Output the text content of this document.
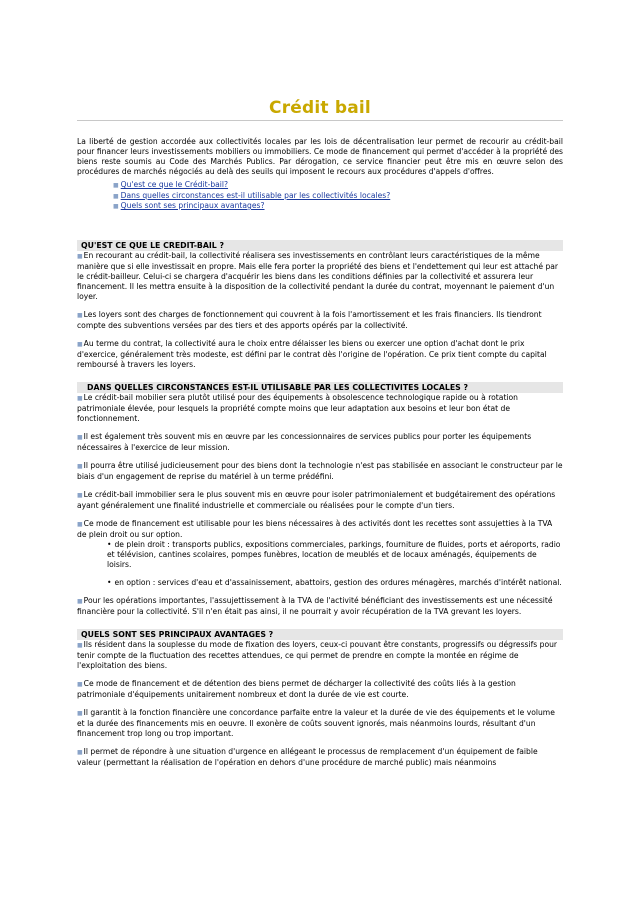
Crédit bail
La liberté de gestion accordée aux collectivités locales par les lois de décentralisation leur permet de recourir au crédit-bail pour financer leurs investissements mobiliers ou immobiliers. Ce mode de financement qui permet d'accéder à la propriété des biens reste soumis au Code des Marchés Publics. Par dérogation, ce service financier peut être mis en œuvre selon des procédures de marchés négociés au delà des seuils qui imposent le recours aux procédures d'appels d'offres.
■ Qu'est ce que le Crédit-bail?
■ Dans quelles circonstances est-il utilisable par les collectivités locales?
■ Quels sont ses principaux avantages?
QU'EST CE QUE LE CREDIT-BAIL ?
■En recourant au crédit-bail, la collectivité réalisera ses investissements en contrôlant leurs caractéristiques de la même manière que si elle investissait en propre. Mais elle fera porter la propriété des biens et l'endettement qui leur est attaché par le crédit-bailleur. Celui-ci se chargera d'acquérir les biens dans les conditions définies par la collectivité et assurera leur financement. Il les mettra ensuite à la disposition de la collectivité pendant la durée du contrat, moyennant le paiement d'un loyer.
■Les loyers sont des charges de fonctionnement qui couvrent à la fois l'amortissement et les frais financiers. Ils tiendront compte des subventions versées par des tiers et des apports opérés par la collectivité.
■Au terme du contrat, la collectivité aura le choix entre délaisser les biens ou exercer une option d'achat dont le prix d'exercice, généralement très modeste, est défini par le contrat dès l'origine de l'opération. Ce prix tient compte du capital remboursé à travers les loyers.
DANS QUELLES CIRCONSTANCES EST-IL UTILISABLE PAR LES COLLECTIVITES LOCALES ?
■Le crédit-bail mobilier sera plutôt utilisé pour des équipements à obsolescence technologique rapide ou à rotation patrimoniale élevée, pour lesquels la propriété compte moins que leur adaptation aux besoins et leur bon état de fonctionnement.
■Il est également très souvent mis en œuvre par les concessionnaires de services publics pour porter les équipements nécessaires à l'exercice de leur mission.
■Il pourra être utilisé judicieusement pour des biens dont la technologie n'est pas stabilisée en associant le constructeur par le biais d'un engagement de reprise du matériel à un terme prédéfini.
■Le crédit-bail immobilier sera le plus souvent mis en œuvre pour isoler patrimonialement et budgétairement des opérations ayant généralement une finalité industrielle et commerciale ou réalisées pour le compte d'un tiers.
■Ce mode de financement est utilisable pour les biens nécessaires à des activités dont les recettes sont assujetties à la TVA de plein droit ou sur option.
• de plein droit : transports publics, expositions commerciales, parkings, fourniture de fluides, ports et aéroports, radio et télévision, cantines scolaires, pompes funèbres, location de meublés et de locaux aménagés, équipements de loisirs.
• en option : services d'eau et d'assainissement, abattoirs, gestion des ordures ménagères, marchés d'intérêt national.
■Pour les opérations importantes, l'assujettissement à la TVA de l'activité bénéficiant des investissements est une nécessité financière pour la collectivité. S'il n'en était pas ainsi, il ne pourrait y avoir récupération de la TVA grevant les loyers.
QUELS SONT SES PRINCIPAUX AVANTAGES ?
■Ils résident dans la souplesse du mode de fixation des loyers, ceux-ci pouvant être constants, progressifs ou dégressifs pour tenir compte de la fluctuation des recettes attendues, ce qui permet de prendre en compte la montée en régime de l'exploitation des biens.
■Ce mode de financement et de détention des biens permet de décharger la collectivité des coûts liés à la gestion patrimoniale d'équipements unitairement nombreux et dont la durée de vie est courte.
■Il garantit à la fonction financière une concordance parfaite entre la valeur et la durée de vie des équipements et le volume et la durée des financements mis en oeuvre. Il exonère de coûts souvent ignorés, mais néanmoins lourds, résultant d'un financement trop long ou trop important.
■Il permet de répondre à une situation d'urgence en allégeant le processus de remplacement d'un équipement de faible valeur (permettant la réalisation de l'opération en dehors d'une procédure de marché public) mais néanmoins
